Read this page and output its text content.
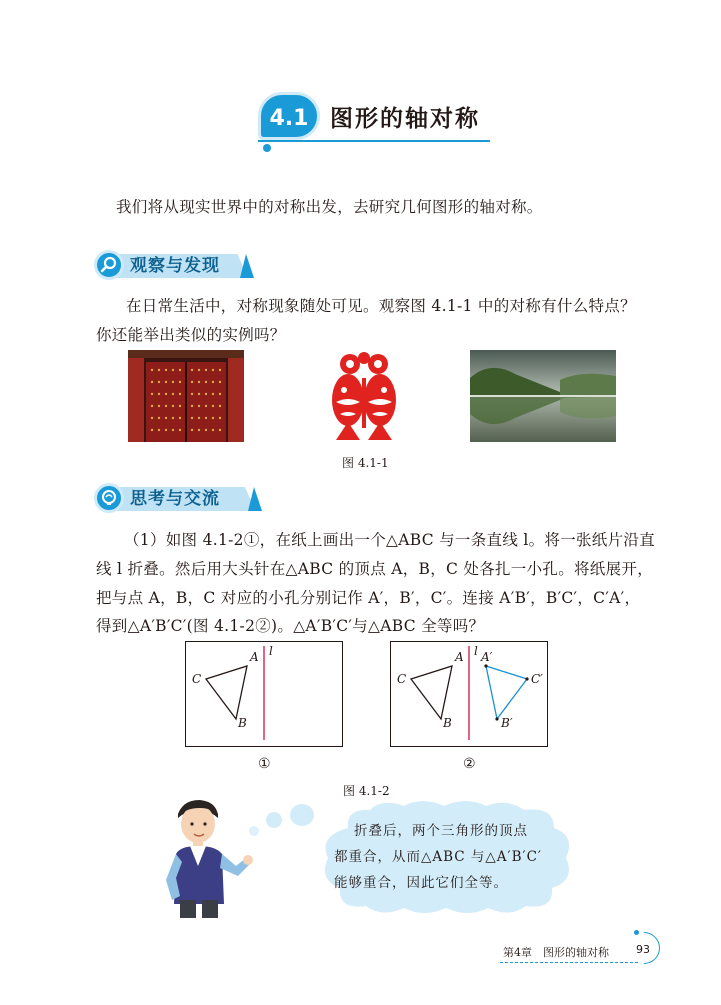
4.1 图形的轴对称
我们将从现实世界中的对称出发，去研究几何图形的轴对称。
观察与发现
在日常生活中，对称现象随处可见。观察图 4.1-1 中的对称有什么特点？
你还能举出类似的实例吗？
图 4.1-1
思考与交流
（1）如图 4.1-2①，在纸上画出一个△ABC 与一条直线 l。将一张纸片沿直
线 l 折叠。然后用大头针在△ABC 的顶点 A，B，C 处各扎一小孔。将纸展开，
把与点 A，B，C 对应的小孔分别记作 A′，B′，C′。连接 A′B′，B′C′，C′A′，
得到△A′B′C′(图 4.1-2②)。△A′B′C′与△ABC 全等吗？
A
C
B
l
①
A
C
B
l A′
C′
B′
②
图 4.1-2
折叠后，两个三角形的顶点
都重合，从而△ABC 与△A′B′C′
能够重合，因此它们全等。
第4章　图形的轴对称 93
